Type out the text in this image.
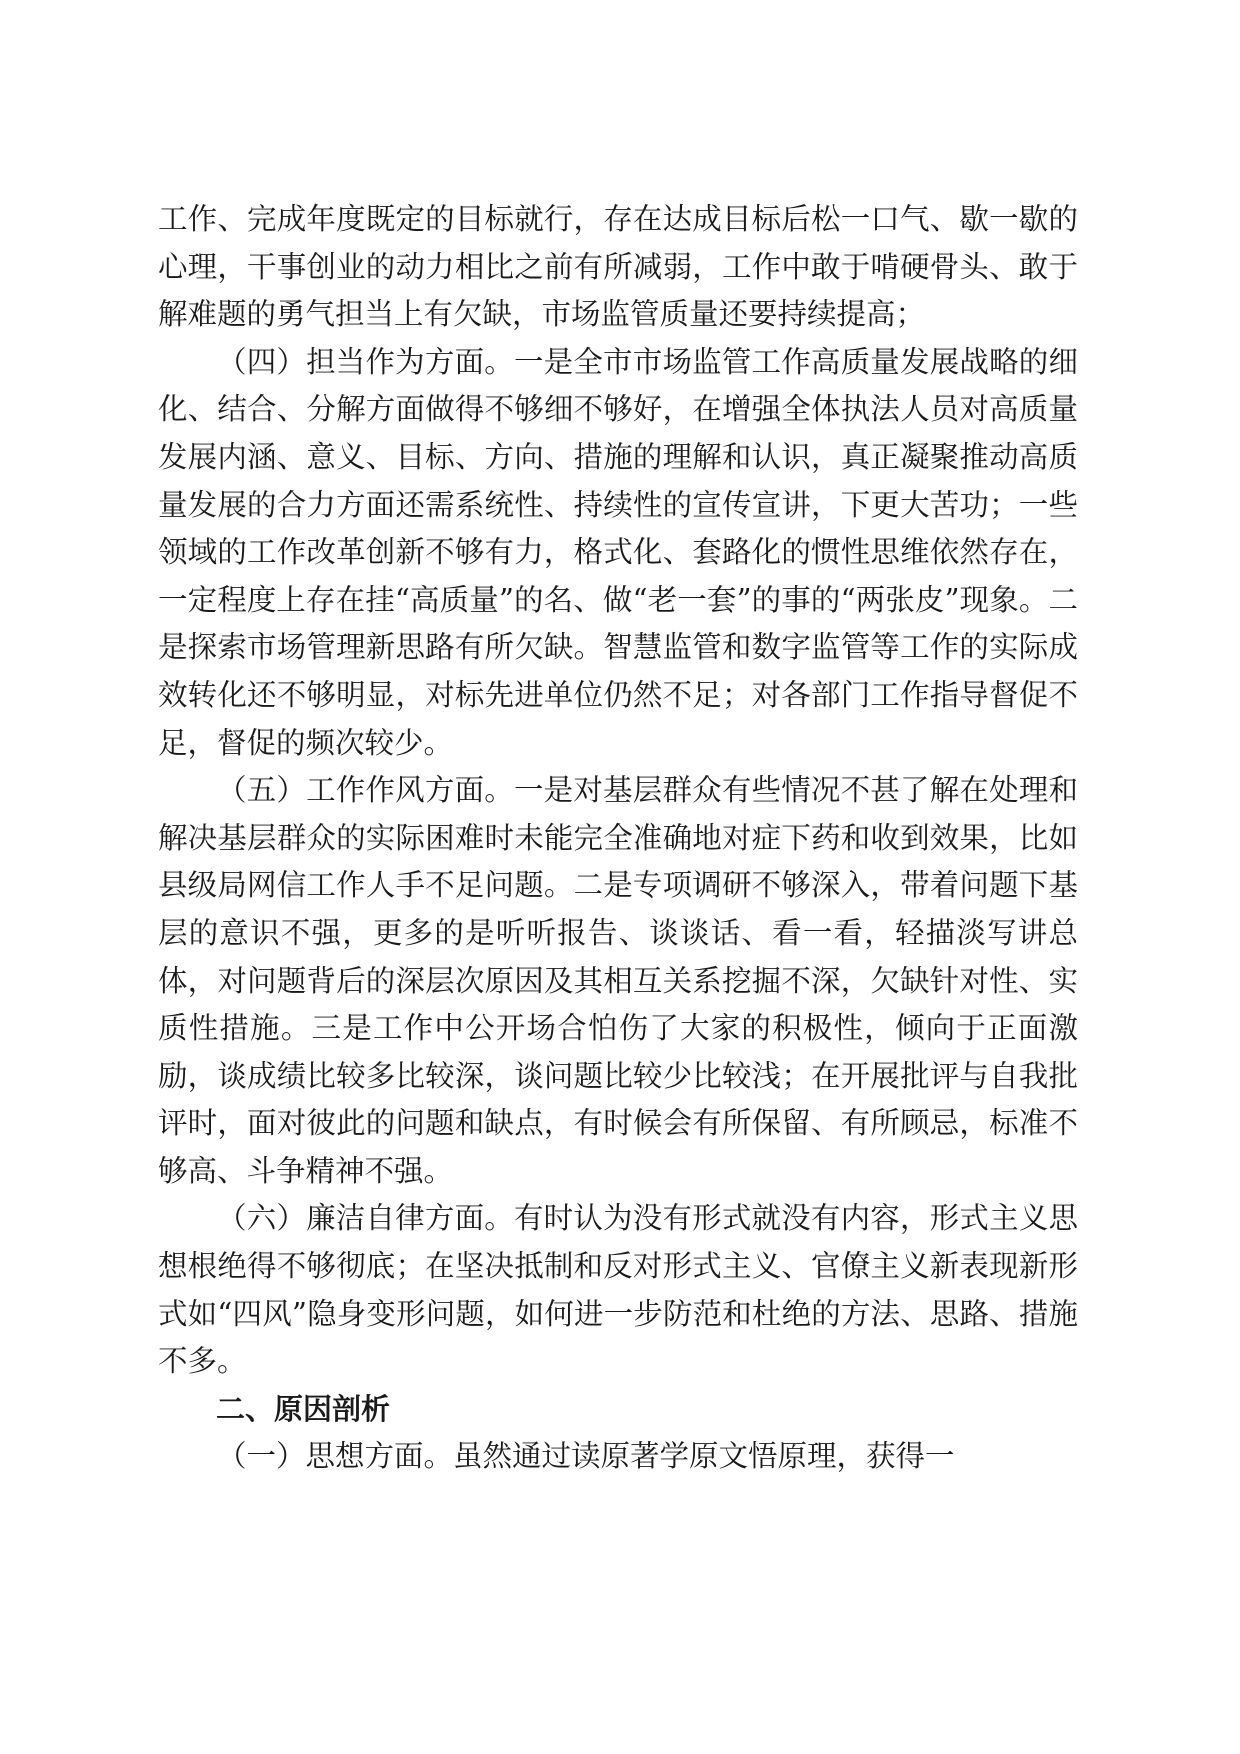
工作、完成年度既定的目标就行，存在达成目标后松一口气、歇一歇的心理，干事创业的动力相比之前有所减弱，工作中敢于啃硬骨头、敢于解难题的勇气担当上有欠缺，市场监管质量还要持续提高；

（四）担当作为方面。一是全市市场监管工作高质量发展战略的细化、结合、分解方面做得不够细不够好，在增强全体执法人员对高质量发展内涵、意义、目标、方向、措施的理解和认识，真正凝聚推动高质量发展的合力方面还需系统性、持续性的宣传宣讲，下更大苦功；一些领域的工作改革创新不够有力，格式化、套路化的惯性思维依然存在，一定程度上存在挂“高质量”的名、做“老一套”的事的“两张皮”现象。二是探索市场管理新思路有所欠缺。智慧监管和数字监管等工作的实际成效转化还不够明显，对标先进单位仍然不足；对各部门工作指导督促不足，督促的频次较少。

（五）工作作风方面。一是对基层群众有些情况不甚了解在处理和解决基层群众的实际困难时未能完全准确地对症下药和收到效果，比如县级局网信工作人手不足问题。二是专项调研不够深入，带着问题下基层的意识不强，更多的是听听报告、谈谈话、看一看，轻描淡写讲总体，对问题背后的深层次原因及其相互关系挖掘不深，欠缺针对性、实质性措施。三是工作中公开场合怕伤了大家的积极性，倾向于正面激励，谈成绩比较多比较深，谈问题比较少比较浅；在开展批评与自我批评时，面对彼此的问题和缺点，有时候会有所保留、有所顾忌，标准不够高、斗争精神不强。

（六）廉洁自律方面。有时认为没有形式就没有内容，形式主义思想根绝得不够彻底；在坚决抵制和反对形式主义、官僚主义新表现新形式如“四风”隐身变形问题，如何进一步防范和杜绝的方法、思路、措施不多。

二、原因剖析

（一）思想方面。虽然通过读原著学原文悟原理，获得一
